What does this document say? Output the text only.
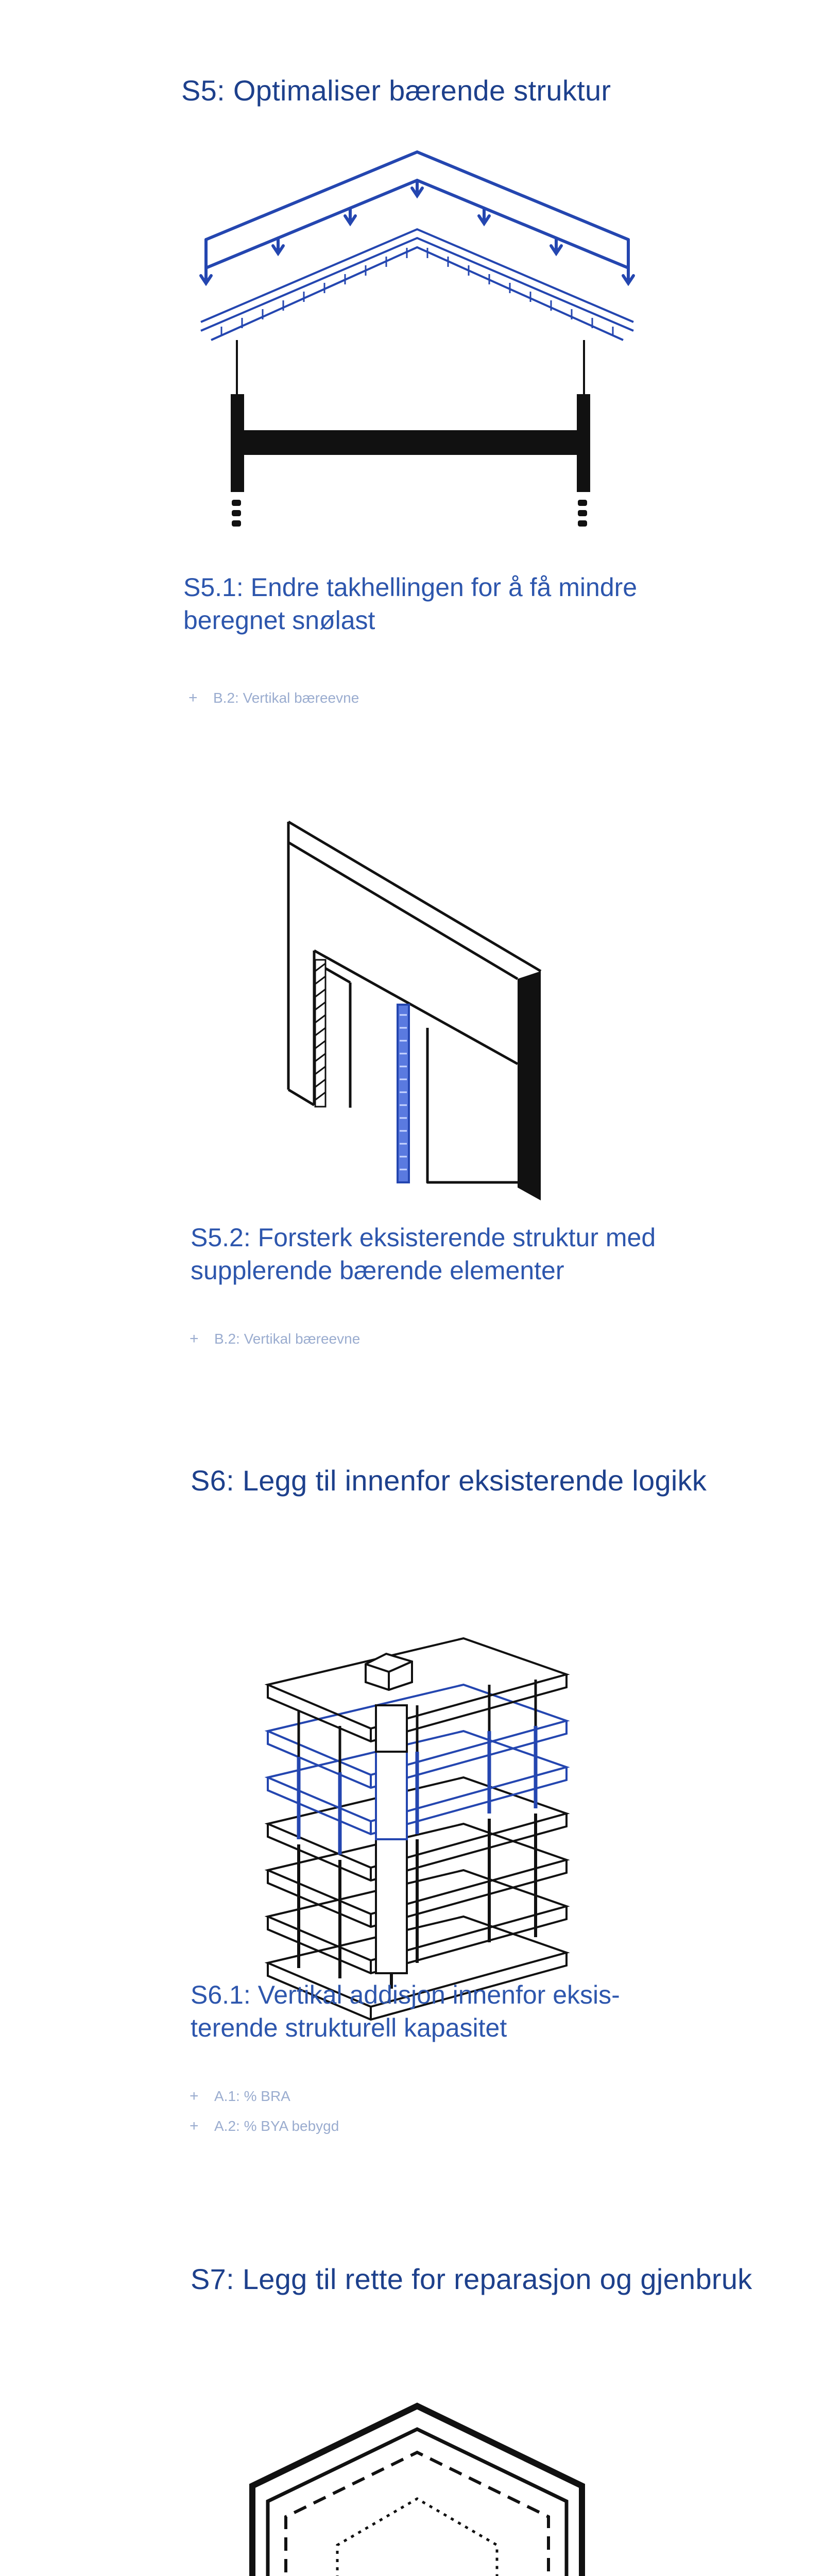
S5: Optimaliser bærende struktur
S5.1: Endre takhellingen for å få mindre
beregnet snølast
+	B.2: Vertikal bæreevne
S5.2: Forsterk eksisterende struktur med
supplerende bærende elementer
+	B.2: Vertikal bæreevne
S6: Legg til innenfor eksisterende logikk
S6.1: Vertikal addisjon innenfor eksis-
terende strukturell kapasitet
+	A.1: % BRA
+	A.2: % BYA bebygd
S7: Legg til rette for reparasjon og gjenbruk
